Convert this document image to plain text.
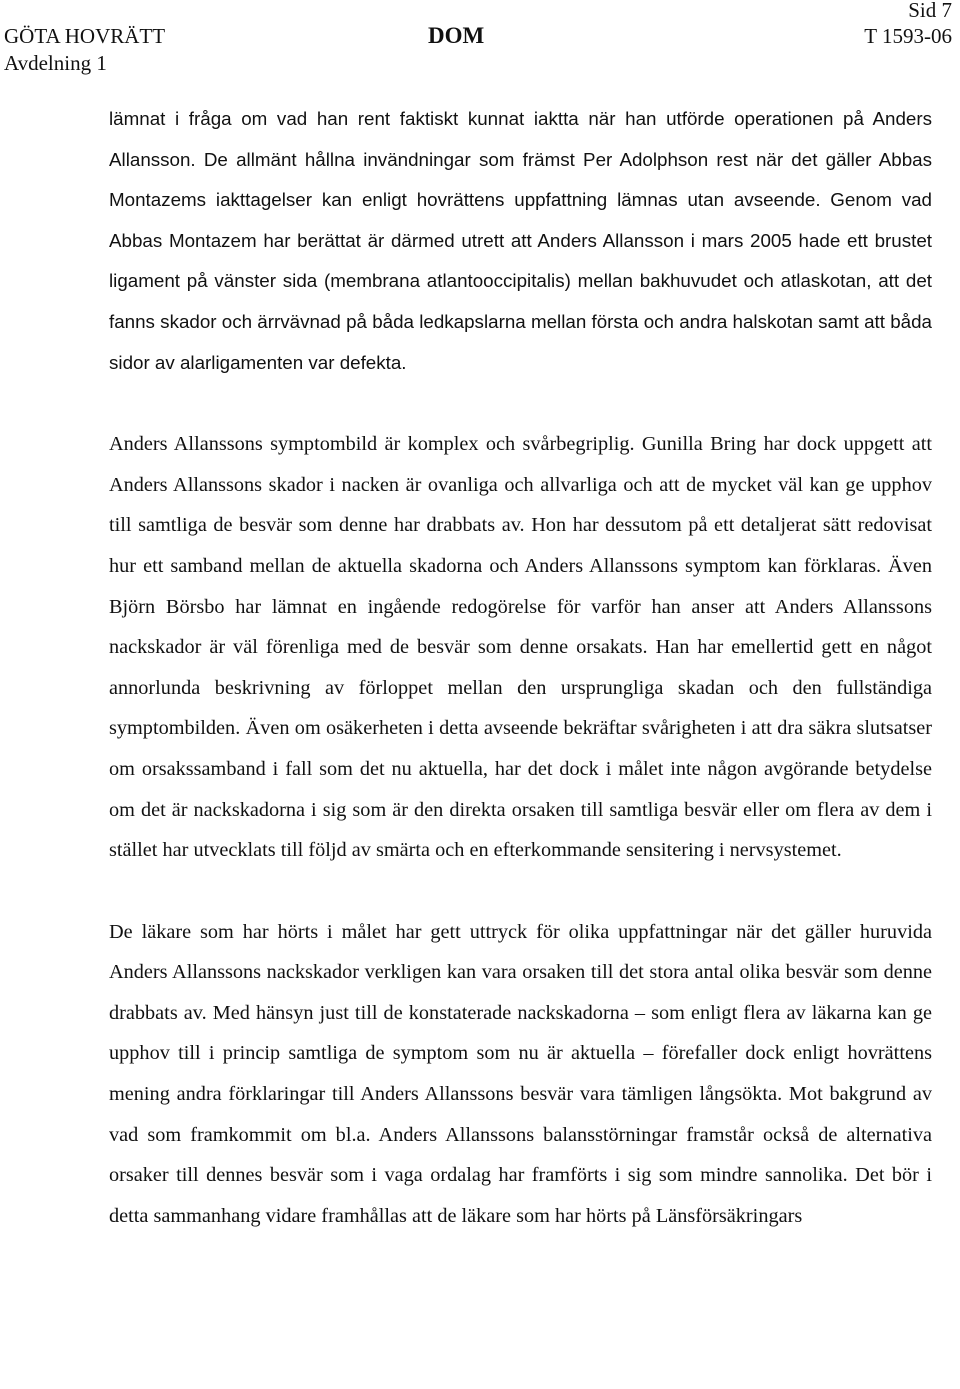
GÖTA HOVRÄTT
Avdelning 1
DOM
Sid 7
T 1593-06

lämnat i fråga om vad han rent faktiskt kunnat iaktta när han utförde operationen på Anders Allansson. De allmänt hållna invändningar som främst Per Adolphson rest när det gäller Abbas Montazems iakttagelser kan enligt hovrättens uppfattning lämnas utan avseende. Genom vad Abbas Montazem har berättat är därmed utrett att Anders Allansson i mars 2005 hade ett brustet ligament på vänster sida (membrana atlantooccipitalis) mellan bakhuvudet och atlaskotan, att det fanns skador och ärrvävnad på båda ledkapslarna mellan första och andra halskotan samt att båda sidor av alarligamenten var defekta.

Anders Allanssons symptombild är komplex och svårbegriplig. Gunilla Bring har dock uppgett att Anders Allanssons skador i nacken är ovanliga och allvarliga och att de mycket väl kan ge upphov till samtliga de besvär som denne har drabbats av. Hon har dessutom på ett detaljerat sätt redovisat hur ett samband mellan de aktuella skadorna och Anders Allanssons symptom kan förklaras. Även Björn Börsbo har lämnat en ingående redogörelse för varför han anser att Anders Allanssons nackskador är väl förenliga med de besvär som denne orsakats. Han har emellertid gett en något annorlunda beskrivning av förloppet mellan den ursprungliga skadan och den fullständiga symptombilden. Även om osäkerheten i detta avseende bekräftar svårigheten i att dra säkra slutsatser om orsakssamband i fall som det nu aktuella, har det dock i målet inte någon avgörande betydelse om det är nackskadorna i sig som är den direkta orsaken till samtliga besvär eller om flera av dem i stället har utvecklats till följd av smärta och en efterkommande sensitering i nervsystemet.

De läkare som har hörts i målet har gett uttryck för olika uppfattningar när det gäller huruvida Anders Allanssons nackskador verkligen kan vara orsaken till det stora antal olika besvär som denne drabbats av. Med hänsyn just till de konstaterade nackskadorna – som enligt flera av läkarna kan ge upphov till i princip samtliga de symptom som nu är aktuella – förefaller dock enligt hovrättens mening andra förklaringar till Anders Allanssons besvär vara tämligen långsökta. Mot bakgrund av vad som framkommit om bl.a. Anders Allanssons balansstörningar framstår också de alternativa orsaker till dennes besvär som i vaga ordalag har framförts i sig som mindre sannolika. Det bör i detta sammanhang vidare framhållas att de läkare som har hörts på Länsförsäkringars
